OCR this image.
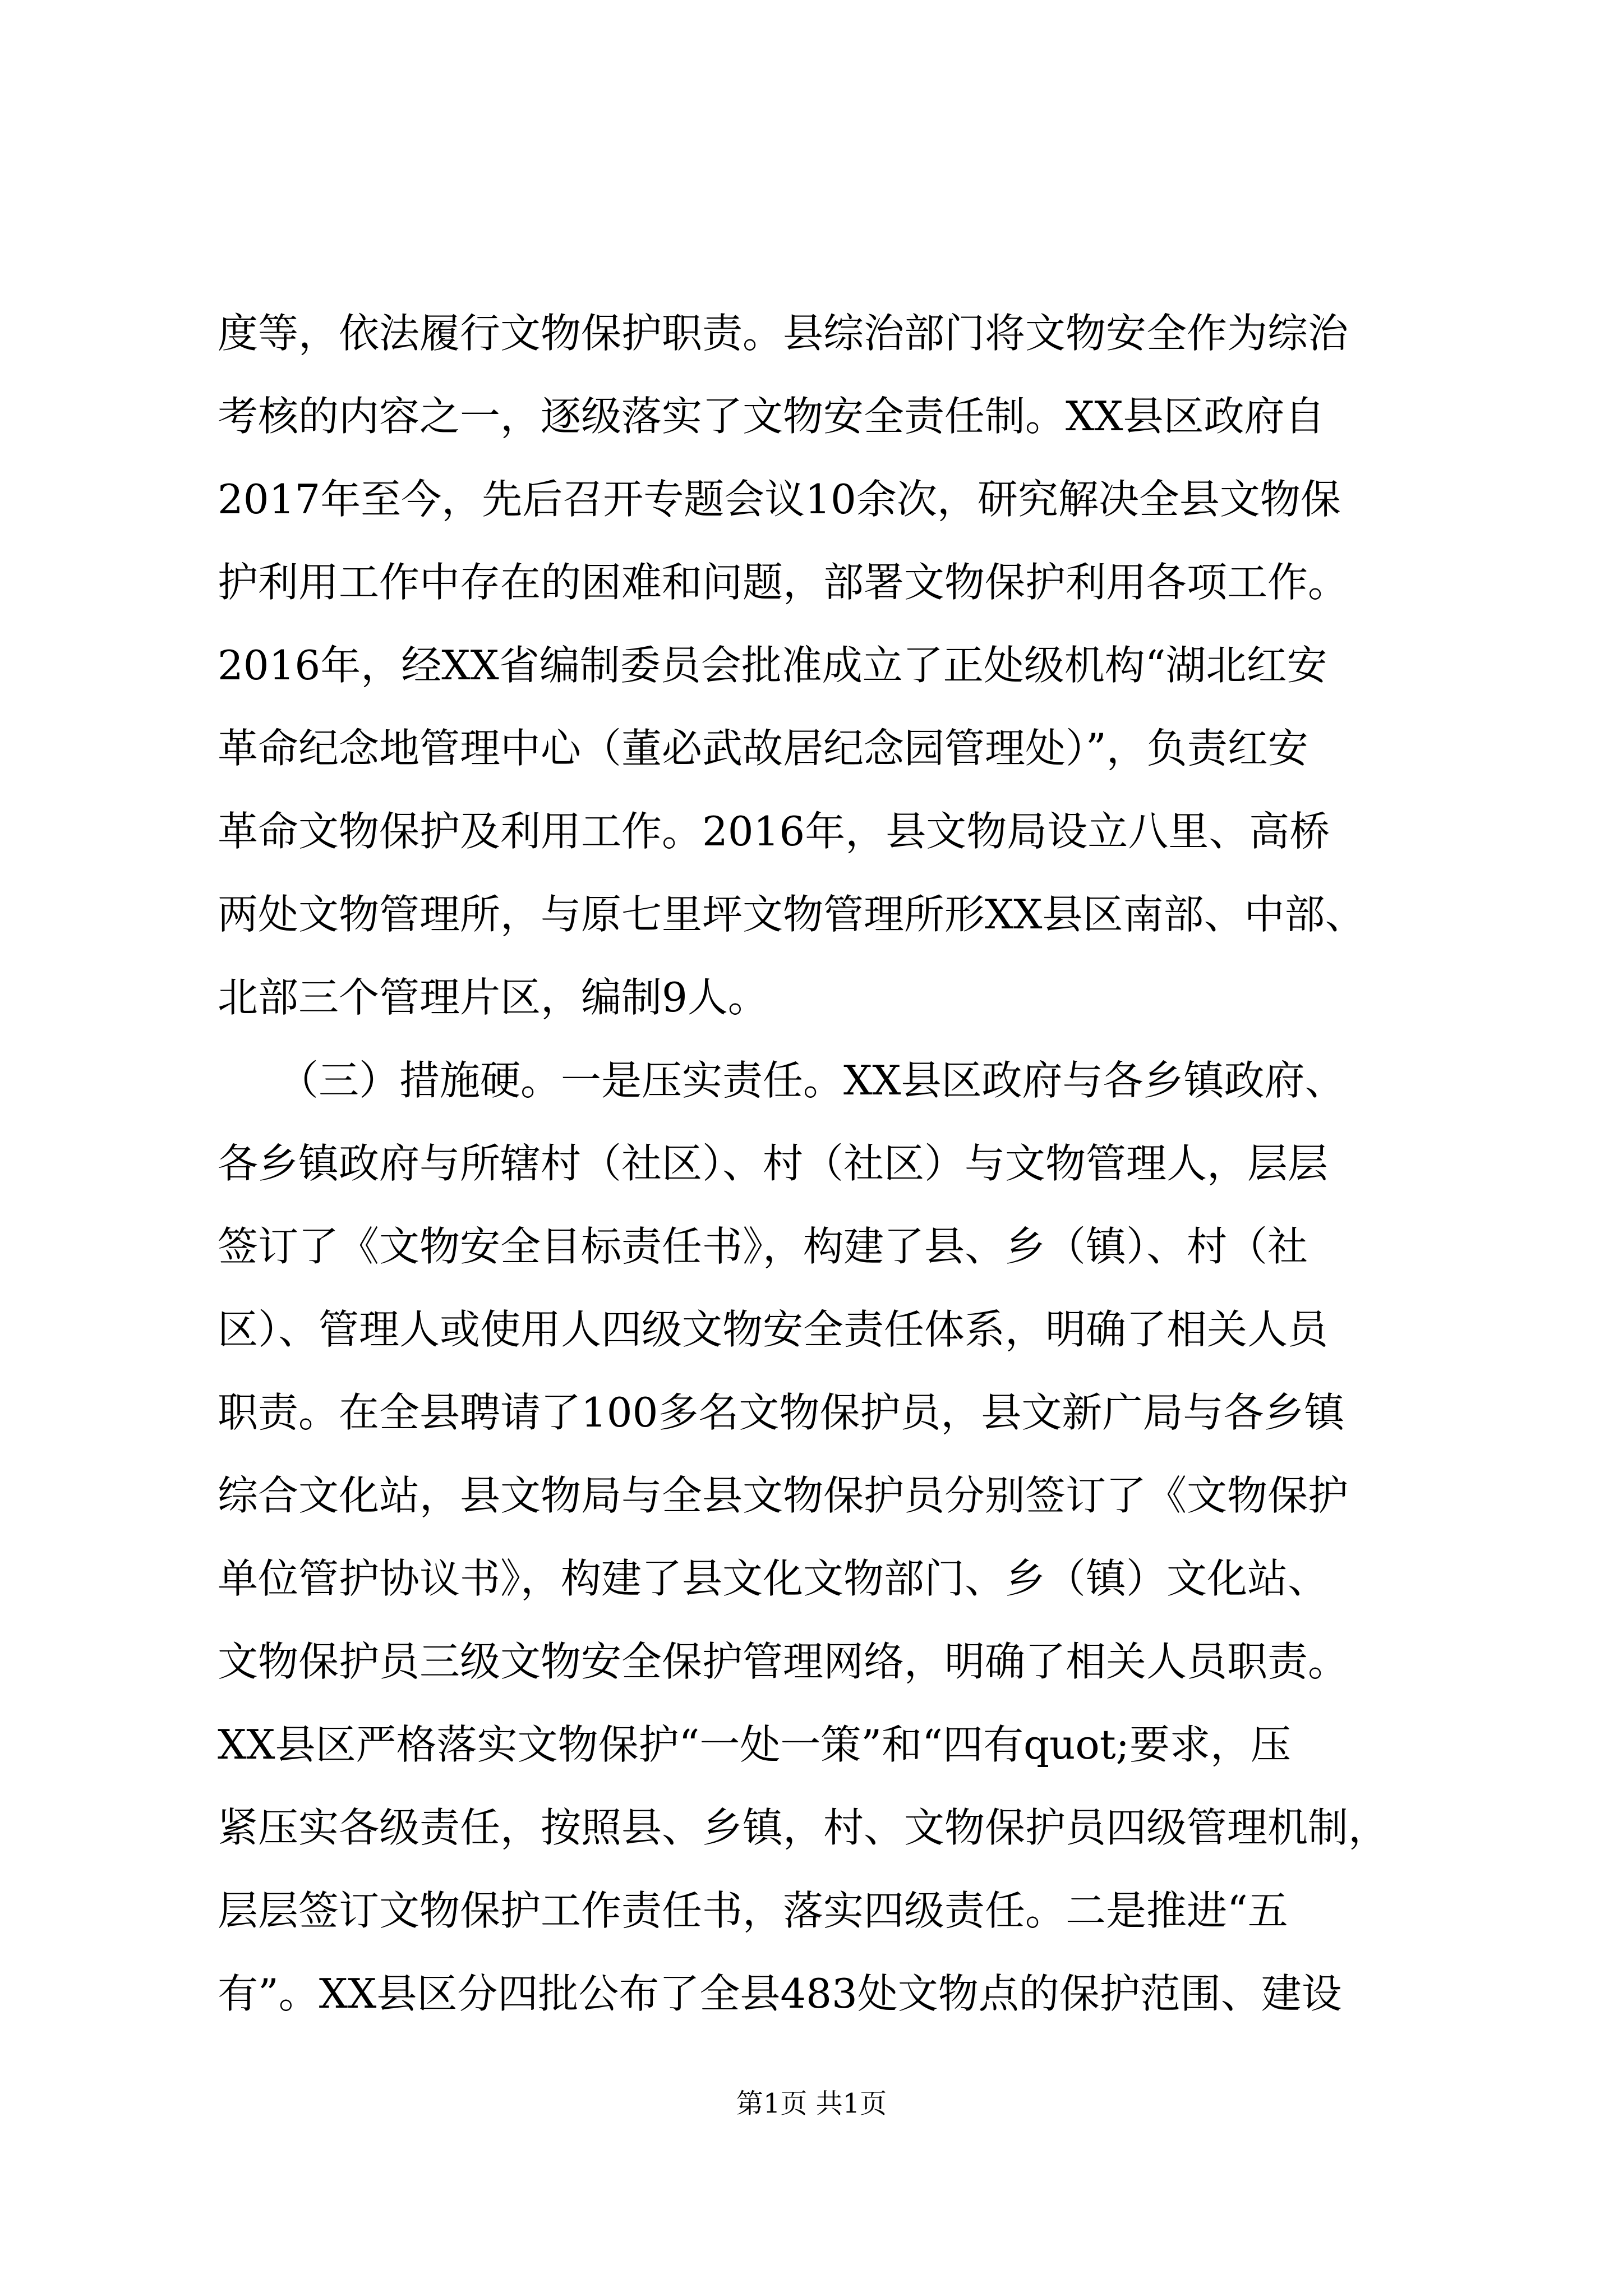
度等，依法履行文物保护职责。县综治部门将文物安全作为综治
考核的内容之一，逐级落实了文物安全责任制。XX县区政府自
2017年至今，先后召开专题会议10余次，研究解决全县文物保
护利用工作中存在的困难和问题，部署文物保护利用各项工作。
2016年，经XX省编制委员会批准成立了正处级机构“湖北红安
革命纪念地管理中心（董必武故居纪念园管理处）”，负责红安
革命文物保护及利用工作。2016年，县文物局设立八里、高桥
两处文物管理所，与原七里坪文物管理所形XX县区南部、中部、
北部三个管理片区，编制9人。
　　（三）措施硬。一是压实责任。XX县区政府与各乡镇政府、
各乡镇政府与所辖村（社区）、村（社区）与文物管理人，层层
签订了《文物安全目标责任书》，构建了县、乡（镇）、村（社
区）、管理人或使用人四级文物安全责任体系，明确了相关人员
职责。在全县聘请了100多名文物保护员，县文新广局与各乡镇
综合文化站，县文物局与全县文物保护员分别签订了《文物保护
单位管护协议书》，构建了县文化文物部门、乡（镇）文化站、
文物保护员三级文物安全保护管理网络，明确了相关人员职责。
XX县区严格落实文物保护“一处一策”和“四有quot;要求，压
紧压实各级责任，按照县、乡镇，村、文物保护员四级管理机制，
层层签订文物保护工作责任书，落实四级责任。二是推进“五
有”。XX县区分四批公布了全县483处文物点的保护范围、建设
第1页 共1页
